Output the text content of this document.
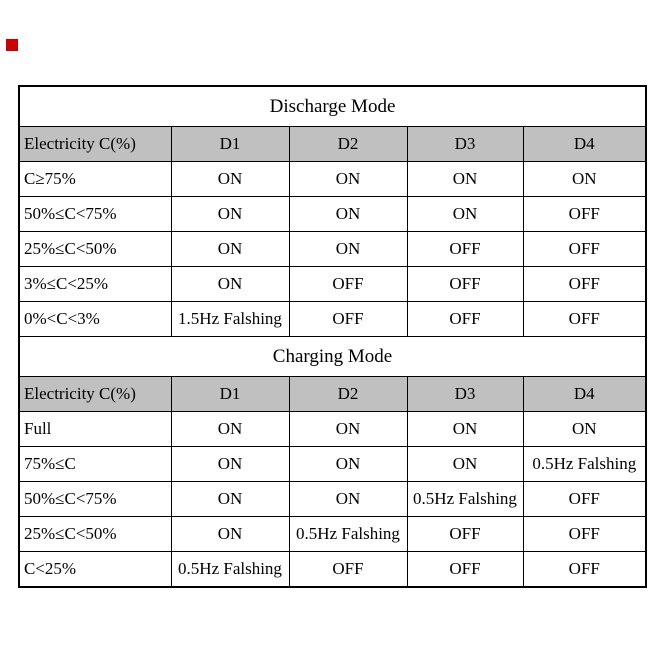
Discharge Mode				
Electricity C(%)	D1	D2	D3	D4
C≥75%	ON	ON	ON	ON
50%≤C<75%	ON	ON	ON	OFF
25%≤C<50%	ON	ON	OFF	OFF
3%≤C<25%	ON	OFF	OFF	OFF
0%<C<3%	1.5Hz Falshing	OFF	OFF	OFF
Charging Mode				
Electricity C(%)	D1	D2	D3	D4
Full	ON	ON	ON	ON
75%≤C	ON	ON	ON	0.5Hz Falshing
50%≤C<75%	ON	ON	0.5Hz Falshing	OFF
25%≤C<50%	ON	0.5Hz Falshing	OFF	OFF
C<25%	0.5Hz Falshing	OFF	OFF	OFF
